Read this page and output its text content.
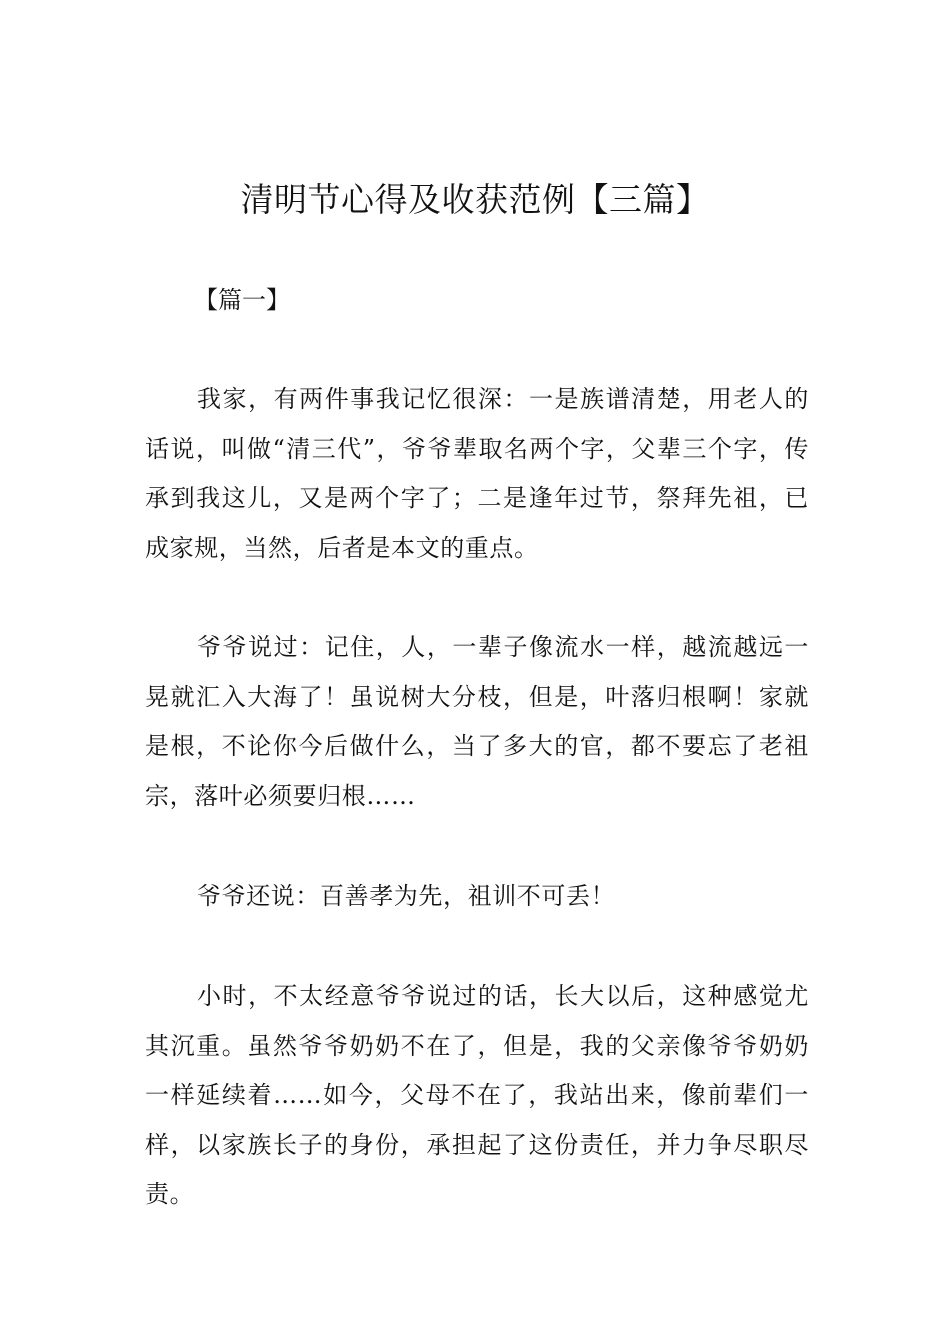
清明节心得及收获范例【三篇】

【篇一】

我家，有两件事我记忆很深：一是族谱清楚，用老人的话说，叫做“清三代”，爷爷辈取名两个字，父辈三个字，传承到我这儿，又是两个字了；二是逢年过节，祭拜先祖，已成家规，当然，后者是本文的重点。

爷爷说过：记住，人，一辈子像流水一样，越流越远一晃就汇入大海了！虽说树大分枝，但是，叶落归根啊！家就是根，不论你今后做什么，当了多大的官，都不要忘了老祖宗，落叶必须要归根……

爷爷还说：百善孝为先，祖训不可丢！

小时，不太经意爷爷说过的话，长大以后，这种感觉尤其沉重。虽然爷爷奶奶不在了，但是，我的父亲像爷爷奶奶一样延续着……如今，父母不在了，我站出来，像前辈们一样，以家族长子的身份，承担起了这份责任，并力争尽职尽责。
